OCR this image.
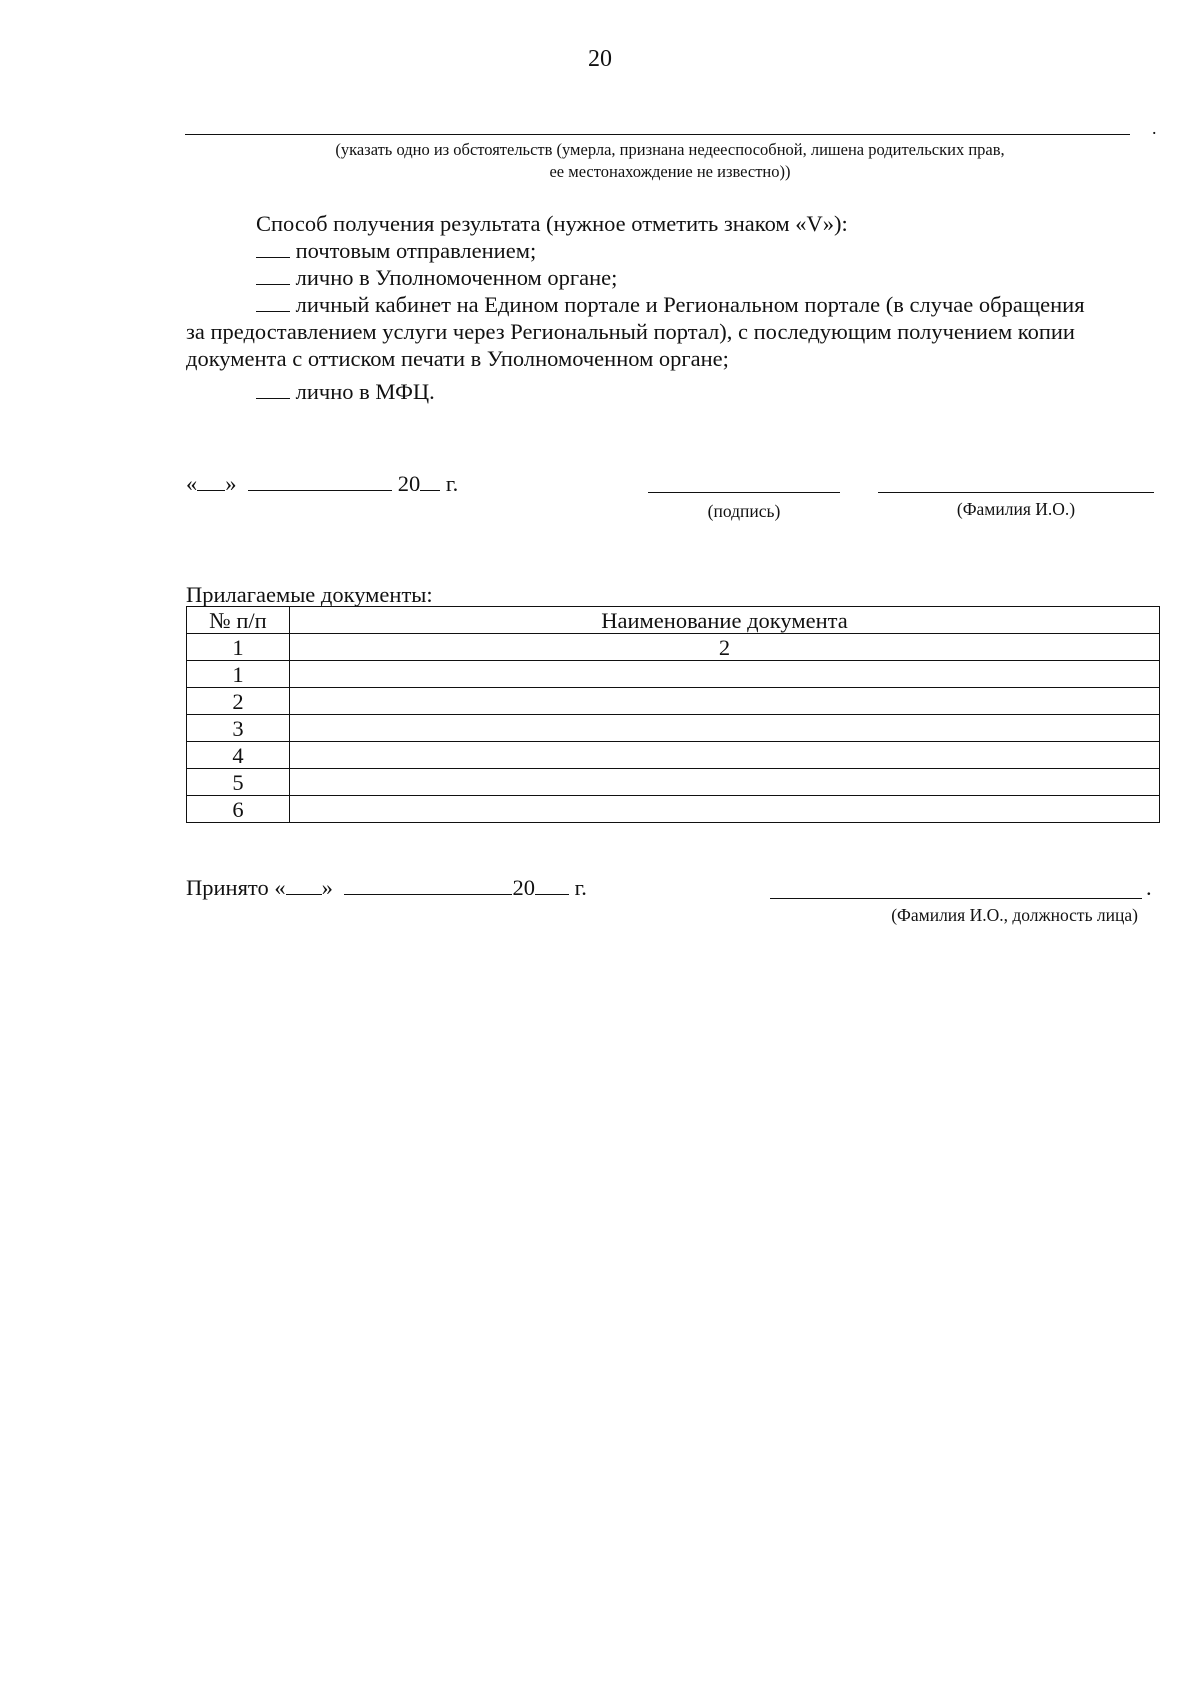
20
.
(указать одно из обстоятельств (умерла, признана недееспособной, лишена родительских прав,
ее местонахождение не известно))
Способ получения результата (нужное отметить знаком «V»):
почтовым отправлением;
лично в Уполномоченном органе;
личный кабинет на Едином портале и Региональном портале (в случае обращения
за предоставлением услуги через Региональный портал), с последующим получением копии
документа с оттиском печати в Уполномоченном органе;
лично в МФЦ.
« »	20 г.
(подпись)	(Фамилия И.О.)
Прилагаемые документы:
№ п/п	Наименование документа
1	2
1	
2	
3	
4	
5	
6	
Принято « »	20 г.	.
(Фамилия И.О., должность лица)
